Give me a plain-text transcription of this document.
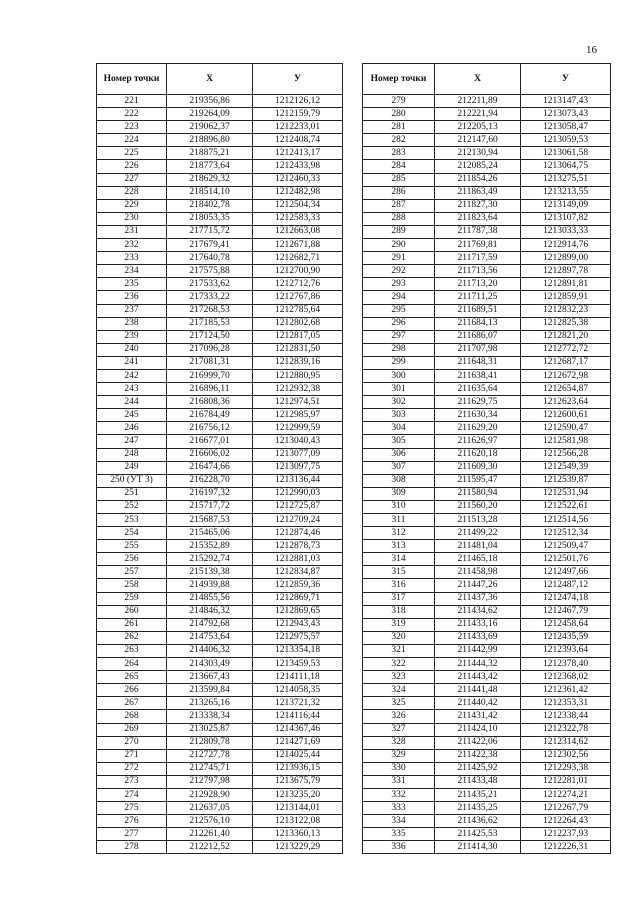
16
Номер точки	Х	У
221	219356,86	1212126,12
222	219264,09	1212159,79
223	219062,37	1212233,01
224	218896,80	1212408,74
225	218875,21	1212413,17
226	218773,64	1212433,98
227	218629,32	1212460,33
228	218514,10	1212482,98
229	218402,78	1212504,34
230	218053,35	1212583,33
231	217715,72	1212663,08
232	217679,41	1212671,88
233	217640,78	1212682,71
234	217575,88	1212700,90
235	217533,62	1212712,76
236	217333,22	1212767,86
237	217268,53	1212785,64
238	217185,53	1212802,68
239	217124,50	1212817,05
240	217096,28	1212831,50
241	217081,31	1212839,16
242	216999,70	1212880,95
243	216896,11	1212932,38
244	216808,36	1212974,51
245	216784,49	1212985,97
246	216756,12	1212999,59
247	216677,01	1213040,43
248	216606,02	1213077,09
249	216474,66	1213097,75
250 (УТ 3)	216228,70	1213136,44
251	216197,32	1212990,03
252	215717,72	1212725,87
253	215687,53	1212709,24
254	215465,06	1212874,46
255	215352,89	1212878,73
256	215292,74	1212881,03
257	215139,38	1212834,87
258	214939,88	1212859,36
259	214855,56	1212869,71
260	214846,32	1212869,65
261	214792,68	1212943,43
262	214753,64	1212975,57
263	214406,32	1213354,18
264	214303,49	1213459,53
265	213667,43	1214111,18
266	213599,84	1214058,35
267	213265,16	1213721,32
268	213338,34	1214116,44
269	213025,87	1214367,46
270	212809,78	1214271,69
271	212727,78	1214025,44
272	212745,71	1213936,15
273	212797,98	1213675,79
274	212928,90	1213235,20
275	212637,05	1213144,01
276	212576,10	1213122,08
277	212261,40	1213360,13
278	212212,52	1213229,29
Номер точки	Х	У
279	212211,89	1213147,43
280	212221,94	1213073,43
281	212205,13	1213058,47
282	212147,60	1213059,53
283	212130,94	1213061,58
284	212085,24	1213064,75
285	211854,26	1213275,51
286	211863,49	1213213,55
287	211827,30	1213149,09
288	211823,64	1213107,82
289	211787,38	1213033,33
290	211769,81	1212914,76
291	211717,59	1212899,00
292	211713,56	1212897,78
293	211713,20	1212891,81
294	211711,25	1212859,91
295	211689,51	1212832,23
296	211684,13	1212825,38
297	211686,07	1212821,20
298	211707,98	1212772,72
299	211648,31	1212687,17
300	211638,41	1212672,98
301	211635,64	1212654,87
302	211629,75	1212623,64
303	211630,34	1212600,61
304	211629,20	1212590,47
305	211626,97	1212581,98
306	211620,18	1212566,28
307	211609,30	1212549,39
308	211595,47	1212539,87
309	211580,94	1212531,94
310	211560,20	1212522,61
311	211513,28	1212514,56
312	211499,22	1212512,34
313	211481,04	1212509,47
314	211465,18	1212501,76
315	211458,98	1212497,66
316	211447,26	1212487,12
317	211437,36	1212474,18
318	211434,62	1212467,79
319	211433,16	1212458,64
320	211433,69	1212435,59
321	211442,99	1212393,64
322	211444,32	1212378,40
323	211443,42	1212368,02
324	211441,48	1212361,42
325	211440,42	1212353,31
326	211431,42	1212338,44
327	211424,10	1212322,78
328	211422,06	1212314,62
329	211422,38	1212302,56
330	211425,92	1212293,38
331	211433,48	1212281,01
332	211435,21	1212274,21
333	211435,25	1212267,79
334	211436,62	1212264,43
335	211425,53	1212237,93
336	211414,30	1212226,31
